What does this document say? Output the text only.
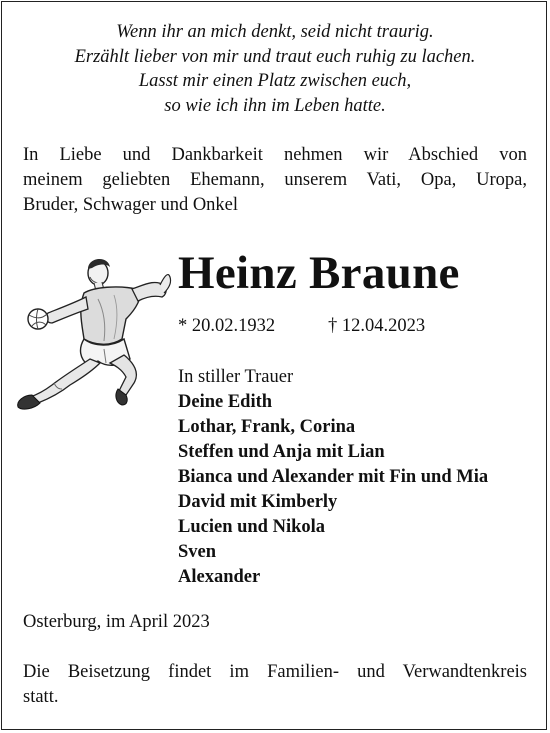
Wenn ihr an mich denkt, seid nicht traurig.
Erzählt lieber von mir und traut euch ruhig zu lachen.
Lasst mir einen Platz zwischen euch,
so wie ich ihn im Leben hatte.
In Liebe und Dankbarkeit nehmen wir Abschied von
meinem geliebten Ehemann, unserem Vati, Opa, Uropa,
Bruder, Schwager und Onkel
Heinz Braune
* 20.02.1932	† 12.04.2023
In stiller Trauer
Deine Edith
Lothar, Frank, Corina
Steffen und Anja mit Lian
Bianca und Alexander mit Fin und Mia
David mit Kimberly
Lucien und Nikola
Sven
Alexander
Osterburg, im April 2023
Die Beisetzung findet im Familien- und Verwandtenkreis
statt.
